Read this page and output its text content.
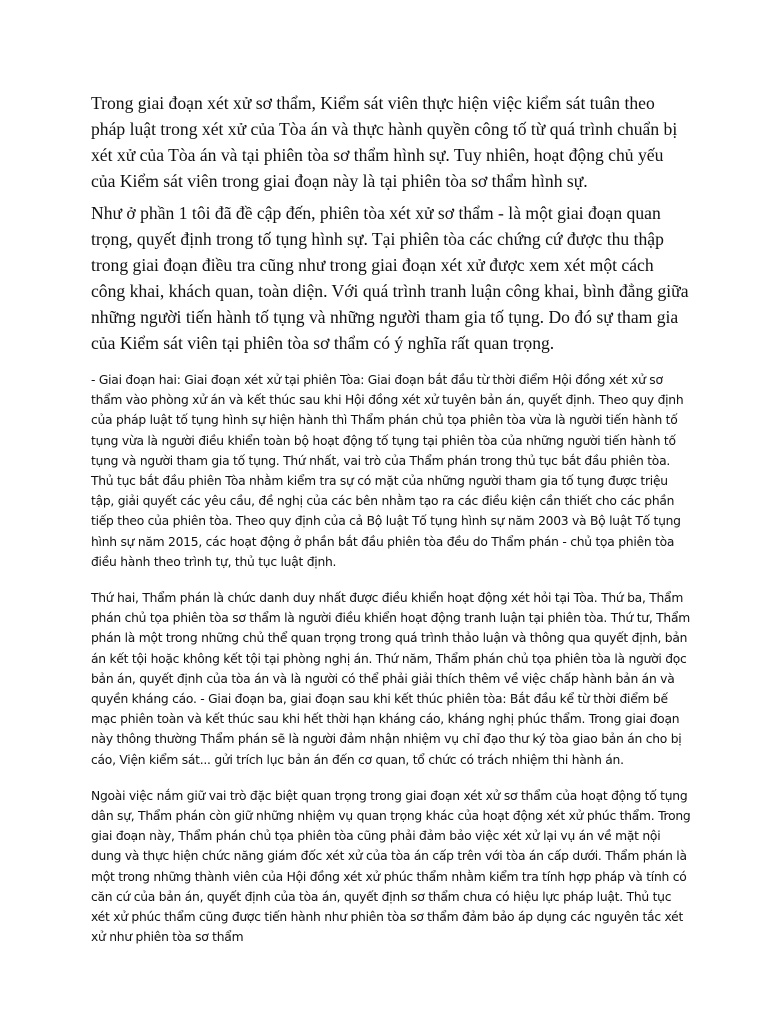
Trong giai đoạn xét xử sơ thẩm, Kiểm sát viên thực hiện việc kiểm sát tuân theo pháp luật trong xét xử của Tòa án và thực hành quyền công tố từ quá trình chuẩn bị xét xử của Tòa án và tại phiên tòa sơ thẩm hình sự. Tuy nhiên, hoạt động chủ yếu của Kiểm sát viên trong giai đoạn này là tại phiên tòa sơ thẩm hình sự.

Như ở phần 1 tôi đã đề cập đến, phiên tòa xét xử sơ thẩm - là một giai đoạn quan trọng, quyết định trong tố tụng hình sự. Tại phiên tòa các chứng cứ được thu thập trong giai đoạn điều tra cũng như trong giai đoạn xét xử được xem xét một cách công khai, khách quan, toàn diện. Với quá trình tranh luận công khai, bình đẳng giữa những người tiến hành tố tụng và những người tham gia tố tụng. Do đó sự tham gia của Kiểm sát viên tại phiên tòa sơ thẩm có ý nghĩa rất quan trọng.

- Giai đoạn hai: Giai đoạn xét xử tại phiên Tòa: Giai đoạn bắt đầu từ thời điểm Hội đồng xét xử sơ thẩm vào phòng xử án và kết thúc sau khi Hội đồng xét xử tuyên bản án, quyết định. Theo quy định của pháp luật tố tụng hình sự hiện hành thì Thẩm phán chủ tọa phiên tòa vừa là người tiến hành tố tụng vừa là người điều khiển toàn bộ hoạt động tố tụng tại phiên tòa của những người tiến hành tố tụng và người tham gia tố tụng. Thứ nhất, vai trò của Thẩm phán trong thủ tục bắt đầu phiên tòa. Thủ tục bắt đầu phiên Tòa nhằm kiểm tra sự có mặt của những người tham gia tố tụng được triệu tập, giải quyết các yêu cầu, đề nghị của các bên nhằm tạo ra các điều kiện cần thiết cho các phần tiếp theo của phiên tòa. Theo quy định của cả Bộ luật Tố tụng hình sự năm 2003 và Bộ luật Tố tụng hình sự năm 2015, các hoạt động ở phần bắt đầu phiên tòa đều do Thẩm phán - chủ tọa phiên tòa điều hành theo trình tự, thủ tục luật định.

Thứ hai, Thẩm phán là chức danh duy nhất được điều khiển hoạt động xét hỏi tại Tòa. Thứ ba, Thẩm phán chủ tọa phiên tòa sơ thẩm là người điều khiển hoạt động tranh luận tại phiên tòa. Thứ tư, Thẩm phán là một trong những chủ thể quan trọng trong quá trình thảo luận và thông qua quyết định, bản án kết tội hoặc không kết tội tại phòng nghị án. Thứ năm, Thẩm phán chủ tọa phiên tòa là người đọc bản án, quyết định của tòa án và là người có thể phải giải thích thêm về việc chấp hành bản án và quyền kháng cáo. - Giai đoạn ba, giai đoạn sau khi kết thúc phiên tòa: Bắt đầu kể từ thời điểm bế mạc phiên toàn và kết thúc sau khi hết thời hạn kháng cáo, kháng nghị phúc thẩm. Trong giai đoạn này thông thường Thẩm phán sẽ là người đảm nhận nhiệm vụ chỉ đạo thư ký tòa giao bản án cho bị cáo, Viện kiểm sát... gửi trích lục bản án đến cơ quan, tổ chức có trách nhiệm thi hành án.

Ngoài việc nắm giữ vai trò đặc biệt quan trọng trong giai đoạn xét xử sơ thẩm của hoạt động tố tụng dân sự, Thẩm phán còn giữ những nhiệm vụ quan trọng khác của hoạt động xét xử phúc thẩm. Trong giai đoạn này, Thẩm phán chủ tọa phiên tòa cũng phải đảm bảo việc xét xử lại vụ án về mặt nội dung và thực hiện chức năng giám đốc xét xử của tòa án cấp trên với tòa án cấp dưới. Thẩm phán là một trong những thành viên của Hội đồng xét xử phúc thẩm nhằm kiểm tra tính hợp pháp và tính có căn cứ của bản án, quyết định của tòa án, quyết định sơ thẩm chưa có hiệu lực pháp luật. Thủ tục xét xử phúc thẩm cũng được tiến hành như phiên tòa sơ thẩm đảm bảo áp dụng các nguyên tắc xét xử như phiên tòa sơ thẩm
